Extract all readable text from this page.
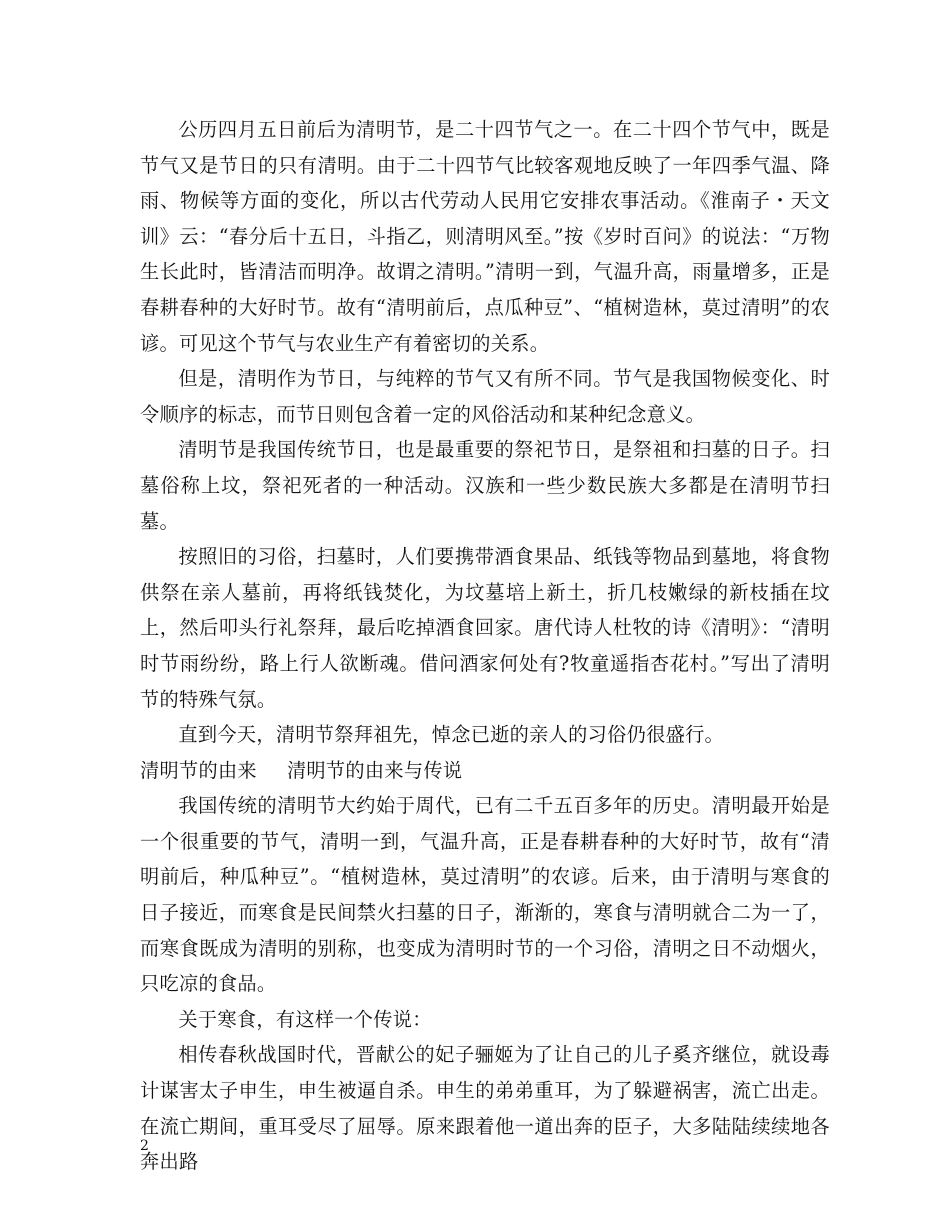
公历四月五日前后为清明节，是二十四节气之一。在二十四个节气中，既是节气又是节日的只有清明。由于二十四节气比较客观地反映了一年四季气温、降雨、物候等方面的变化，所以古代劳动人民用它安排农事活动。《淮南子・天文训》云：“春分后十五日，斗指乙，则清明风至。”按《岁时百问》的说法：“万物生长此时，皆清洁而明净。故谓之清明。”清明一到，气温升高，雨量增多，正是春耕春种的大好时节。故有“清明前后，点瓜种豆”、“植树造林，莫过清明”的农谚。可见这个节气与农业生产有着密切的关系。

但是，清明作为节日，与纯粹的节气又有所不同。节气是我国物候变化、时令顺序的标志，而节日则包含着一定的风俗活动和某种纪念意义。

清明节是我国传统节日，也是最重要的祭祀节日，是祭祖和扫墓的日子。扫墓俗称上坟，祭祀死者的一种活动。汉族和一些少数民族大多都是在清明节扫墓。

按照旧的习俗，扫墓时，人们要携带酒食果品、纸钱等物品到墓地，将食物供祭在亲人墓前，再将纸钱焚化，为坟墓培上新土，折几枝嫩绿的新枝插在坟上，然后叩头行礼祭拜，最后吃掉酒食回家。唐代诗人杜牧的诗《清明》：“清明时节雨纷纷，路上行人欲断魂。借问酒家何处有?牧童遥指杏花村。”写出了清明节的特殊气氛。

直到今天，清明节祭拜祖先，悼念已逝的亲人的习俗仍很盛行。

清明节的由来 清明节的由来与传说

我国传统的清明节大约始于周代，已有二千五百多年的历史。清明最开始是一个很重要的节气，清明一到，气温升高，正是春耕春种的大好时节，故有“清明前后，种瓜种豆”。“植树造林，莫过清明”的农谚。后来，由于清明与寒食的日子接近，而寒食是民间禁火扫墓的日子，渐渐的，寒食与清明就合二为一了，而寒食既成为清明的别称，也变成为清明时节的一个习俗，清明之日不动烟火，只吃凉的食品。

关于寒食，有这样一个传说：

相传春秋战国时代，晋献公的妃子骊姬为了让自己的儿子奚齐继位，就设毒计谋害太子申生，申生被逼自杀。申生的弟弟重耳，为了躲避祸害，流亡出走。在流亡期间，重耳受尽了屈辱。原来跟着他一道出奔的臣子，大多陆陆续续地各奔出路

2
